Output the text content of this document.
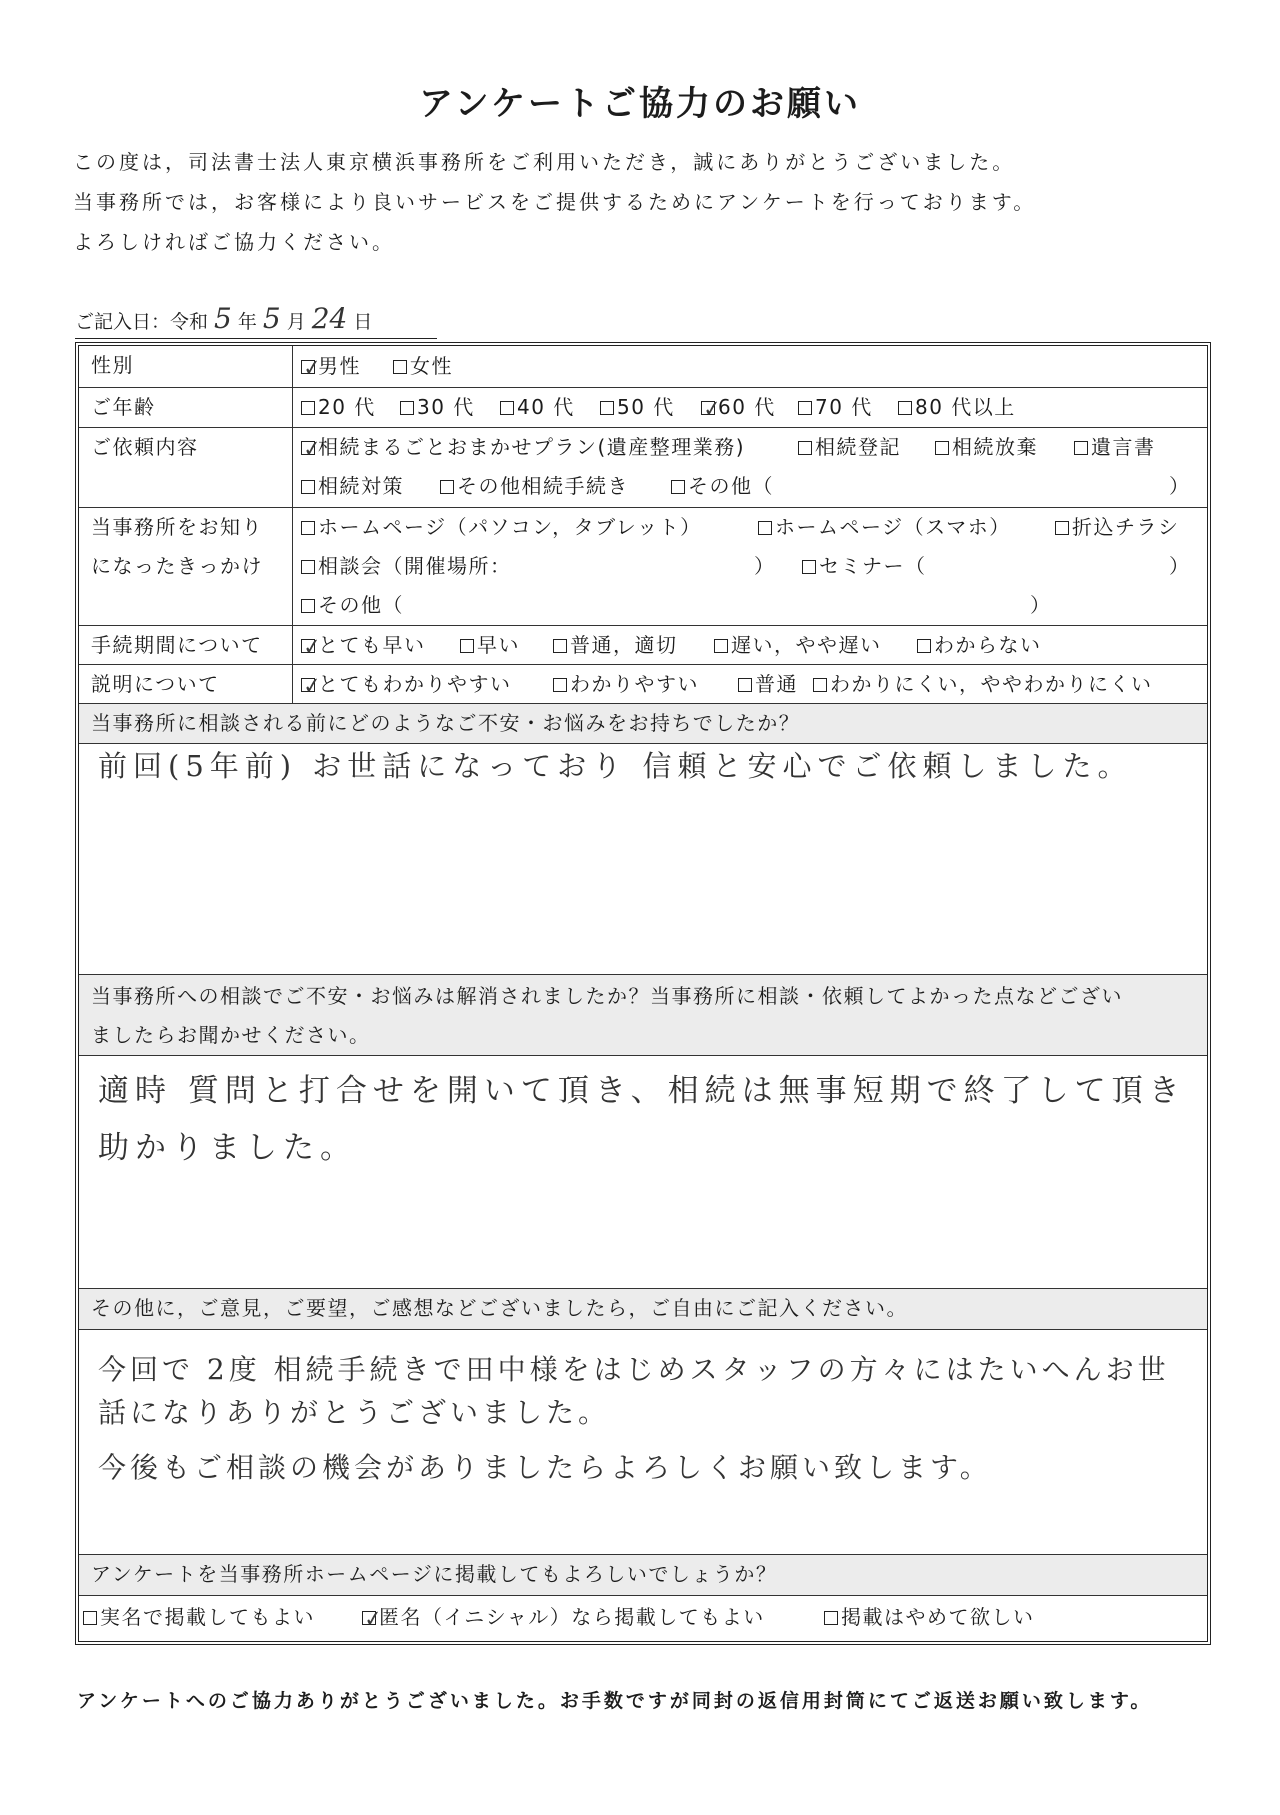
アンケートご協力のお願い
この度は，司法書士法人東京横浜事務所をご利用いただき，誠にありがとうございました。
当事務所では，お客様により良いサービスをご提供するためにアンケートを行っております。
よろしければご協力ください。
ご記入日：令和 5 年 5 月 24 日
性別 ✓	男性	女性
ご年齢	20 代	30 代	40 代	50 代 ✓	60 代	70 代	80 代以上
ご依頼内容 ✓	相続まるごとおまかせプラン(遺産整理業務)	相続登記	相続放棄	遺言書
相続対策	その他相続手続き	その他（	）
当事務所をお知り
になったきっかけ
ホームページ（パソコン，タブレット）	ホームページ（スマホ）	折込チラシ
相談会（開催場所：	）	セミナー（	）
その他（	）
手続期間について ✓	とても早い	早い	普通，適切	遅い，やや遅い	わからない
説明について ✓	とてもわかりやすい	わかりやすい	普通	わかりにくい，ややわかりにくい
当事務所に相談される前にどのようなご不安・お悩みをお持ちでしたか？
前回(5年前) お世話になっており 信頼と安心でご依頼しました。
当事務所への相談でご不安・お悩みは解消されましたか？当事務所に相談・依頼してよかった点などござい
ましたらお聞かせください。
適時 質問と打合せを開いて頂き、相続は無事短期で終了して頂き
助かりました。
その他に，ご意見，ご要望，ご感想などございましたら，ご自由にご記入ください。
今回で 2度 相続手続きで田中様をはじめスタッフの方々にはたいへんお世
話になりありがとうございました。
今後もご相談の機会がありましたらよろしくお願い致します。
アンケートを当事務所ホームページに掲載してもよろしいでしょうか？
実名で掲載してもよい ✓	匿名（イニシャル）なら掲載してもよい	掲載はやめて欲しい
アンケートへのご協力ありがとうございました。お手数ですが同封の返信用封筒にてご返送お願い致します。
